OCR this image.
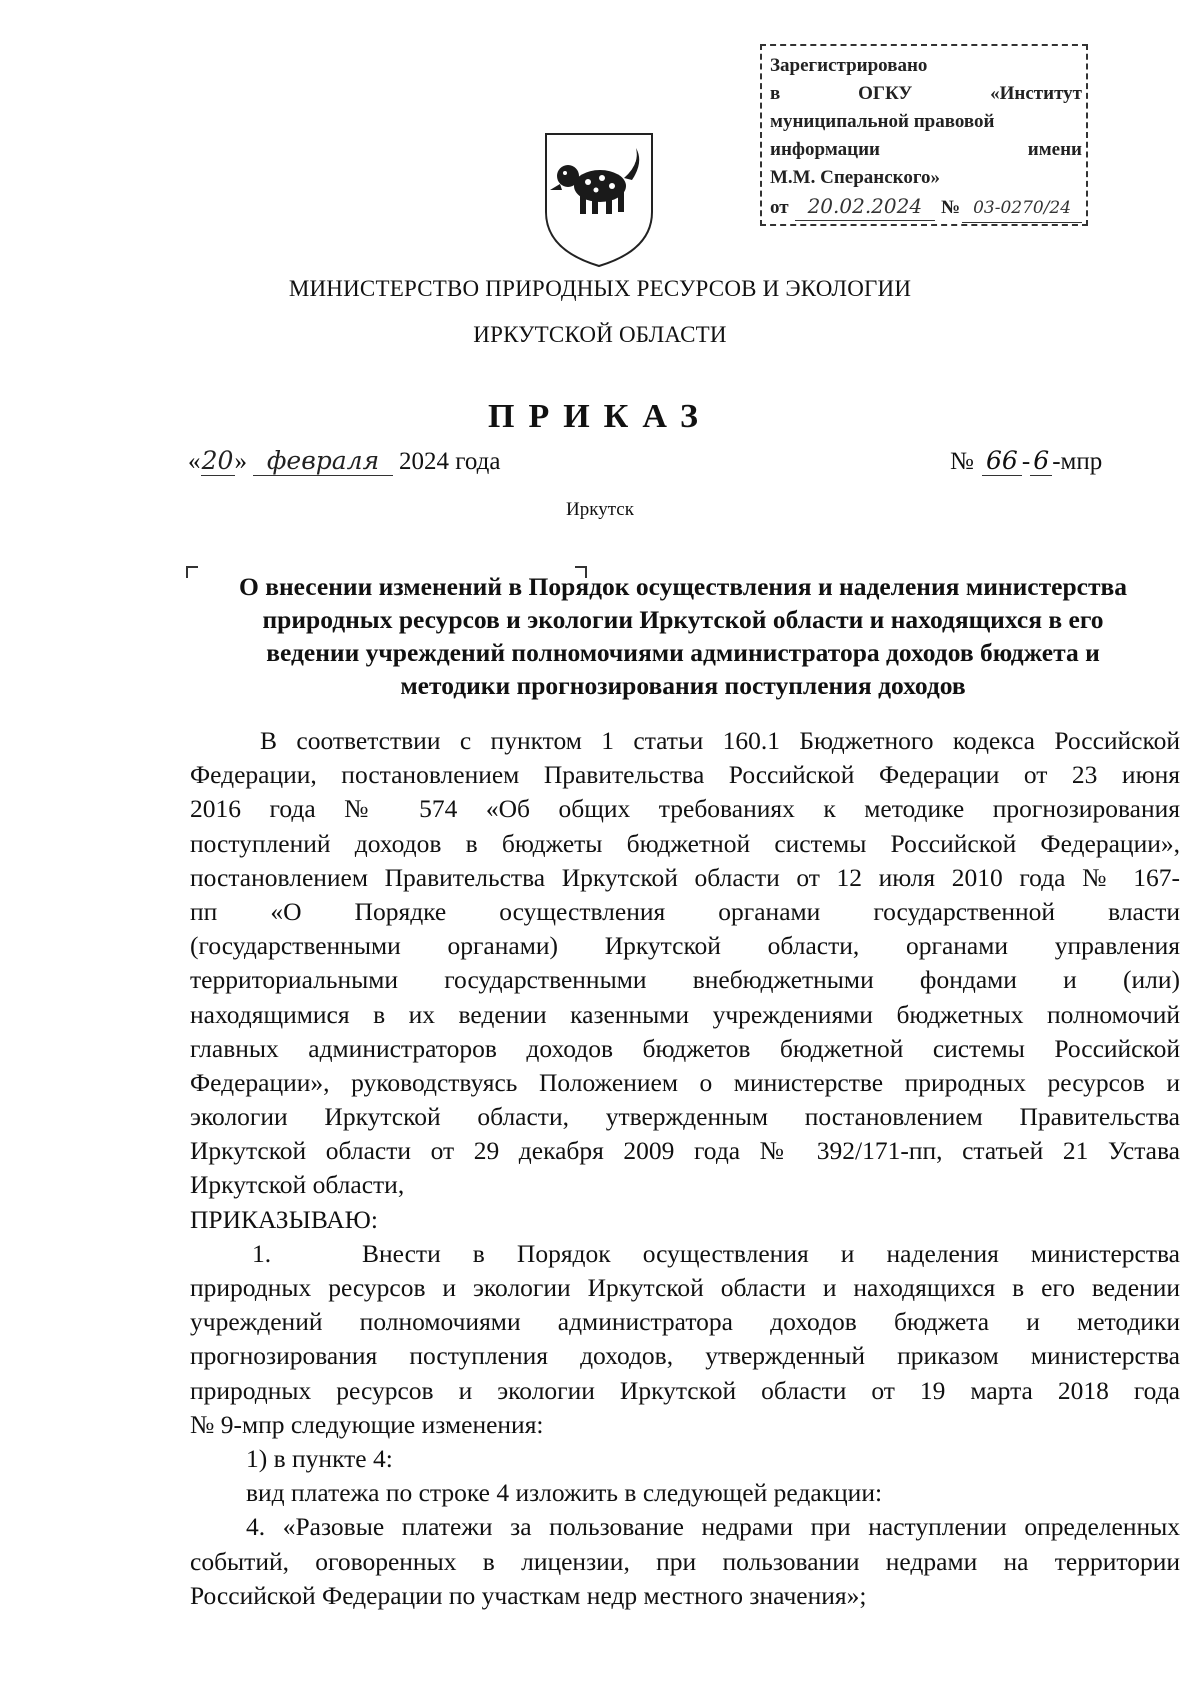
Зарегистрировано
в	ОГКУ	«Институт
муниципальной правовой
информации	имени
М.М. Сперанского»
от 20.02.2024 № 03-0270/24
МИНИСТЕРСТВО ПРИРОДНЫХ РЕСУРСОВ И ЭКОЛОГИИ
ИРКУТСКОЙ ОБЛАСТИ
ПРИКАЗ
« 20 » февраля 2024 года	№ 66 - 6 -мпр
Иркутск
О внесении изменений в Порядок осуществления и наделения министерства
природных ресурсов и экологии Иркутской области и находящихся в его
ведении учреждений полномочиями администратора доходов бюджета и
методики прогнозирования поступления доходов
В соответствии с пунктом 1 статьи 160.1 Бюджетного кодекса Российской
Федерации, постановлением Правительства Российской Федерации от 23 июня
2016 года № 574 «Об общих требованиях к методике прогнозирования
поступлений доходов в бюджеты бюджетной системы Российской Федерации»,
постановлением Правительства Иркутской области от 12 июля 2010 года № 167-
пп «О Порядке осуществления органами государственной власти
(государственными органами) Иркутской области, органами управления
территориальными государственными внебюджетными фондами и (или)
находящимися в их ведении казенными учреждениями бюджетных полномочий
главных администраторов доходов бюджетов бюджетной системы Российской
Федерации», руководствуясь Положением о министерстве природных ресурсов и
экологии Иркутской области, утвержденным постановлением Правительства
Иркутской области от 29 декабря 2009 года № 392/171-пп, статьей 21 Устава
Иркутской области,
ПРИКАЗЫВАЮ:
1.	Внести в Порядок осуществления и наделения министерства
природных ресурсов и экологии Иркутской области и находящихся в его ведении
учреждений полномочиями администратора доходов бюджета и методики
прогнозирования поступления доходов, утвержденный приказом министерства
природных ресурсов и экологии Иркутской области от 19 марта 2018 года
№ 9-мпр следующие изменения:
1) в пункте 4:
вид платежа по строке 4 изложить в следующей редакции:
4. «Разовые платежи за пользование недрами при наступлении определенных
событий, оговоренных в лицензии, при пользовании недрами на территории
Российской Федерации по участкам недр местного значения»;
